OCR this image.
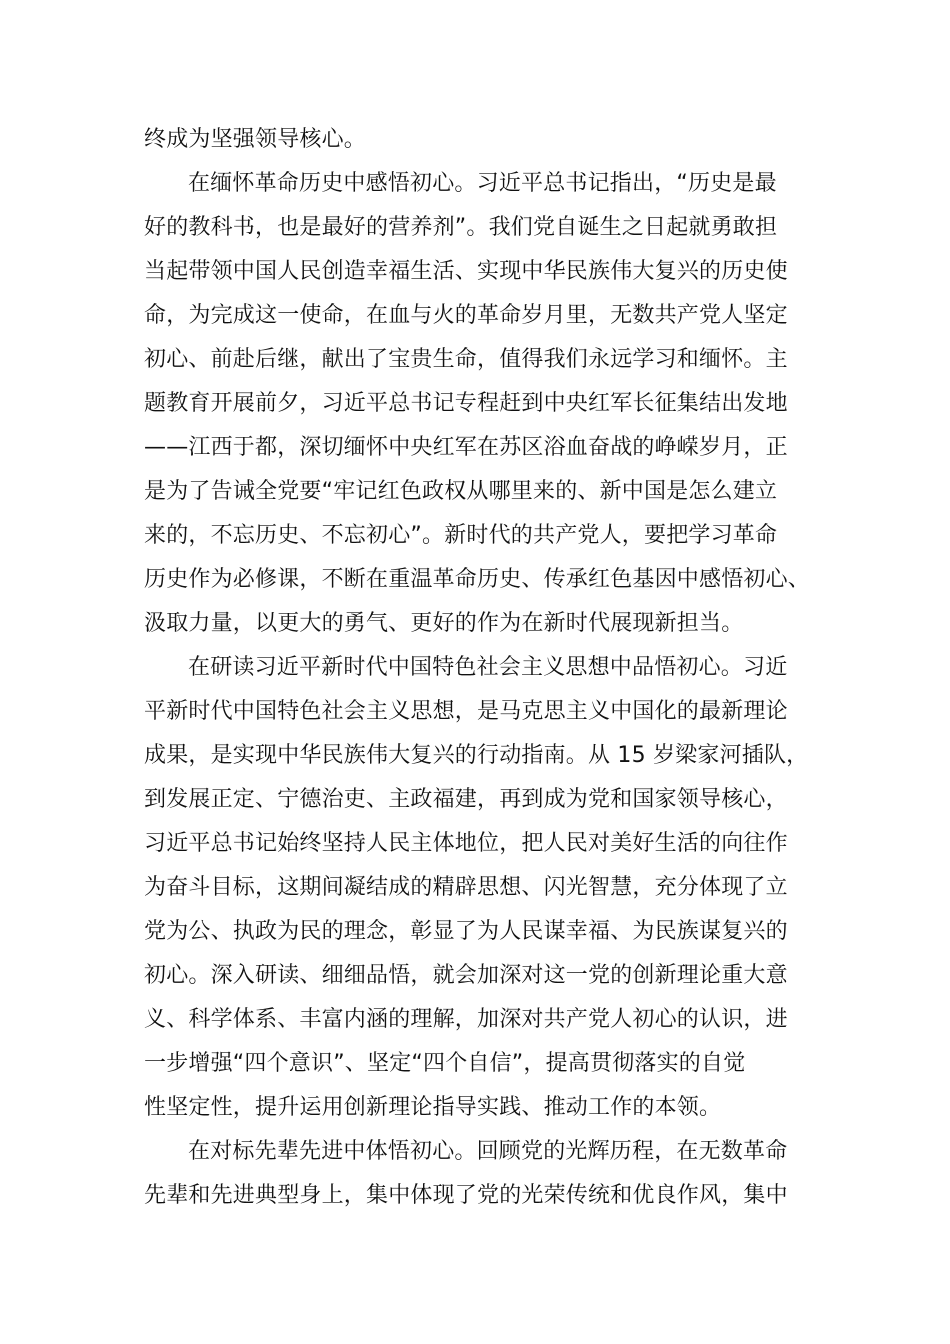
终成为坚强领导核心。
在缅怀革命历史中感悟初心。习近平总书记指出，“历史是最
好的教科书，也是最好的营养剂”。我们党自诞生之日起就勇敢担
当起带领中国人民创造幸福生活、实现中华民族伟大复兴的历史使
命，为完成这一使命，在血与火的革命岁月里，无数共产党人坚定
初心、前赴后继，献出了宝贵生命，值得我们永远学习和缅怀。主
题教育开展前夕，习近平总书记专程赶到中央红军长征集结出发地
——江西于都，深切缅怀中央红军在苏区浴血奋战的峥嵘岁月，正
是为了告诫全党要“牢记红色政权从哪里来的、新中国是怎么建立
来的，不忘历史、不忘初心”。新时代的共产党人，要把学习革命
历史作为必修课，不断在重温革命历史、传承红色基因中感悟初心、
汲取力量，以更大的勇气、更好的作为在新时代展现新担当。
在研读习近平新时代中国特色社会主义思想中品悟初心。习近
平新时代中国特色社会主义思想，是马克思主义中国化的最新理论
成果，是实现中华民族伟大复兴的行动指南。从 15 岁梁家河插队，
到发展正定、宁德治吏、主政福建，再到成为党和国家领导核心，
习近平总书记始终坚持人民主体地位，把人民对美好生活的向往作
为奋斗目标，这期间凝结成的精辟思想、闪光智慧，充分体现了立
党为公、执政为民的理念，彰显了为人民谋幸福、为民族谋复兴的
初心。深入研读、细细品悟，就会加深对这一党的创新理论重大意
义、科学体系、丰富内涵的理解，加深对共产党人初心的认识，进
一步增强“四个意识”、坚定“四个自信”，提高贯彻落实的自觉
性坚定性，提升运用创新理论指导实践、推动工作的本领。
在对标先辈先进中体悟初心。回顾党的光辉历程，在无数革命
先辈和先进典型身上，集中体现了党的光荣传统和优良作风，集中
